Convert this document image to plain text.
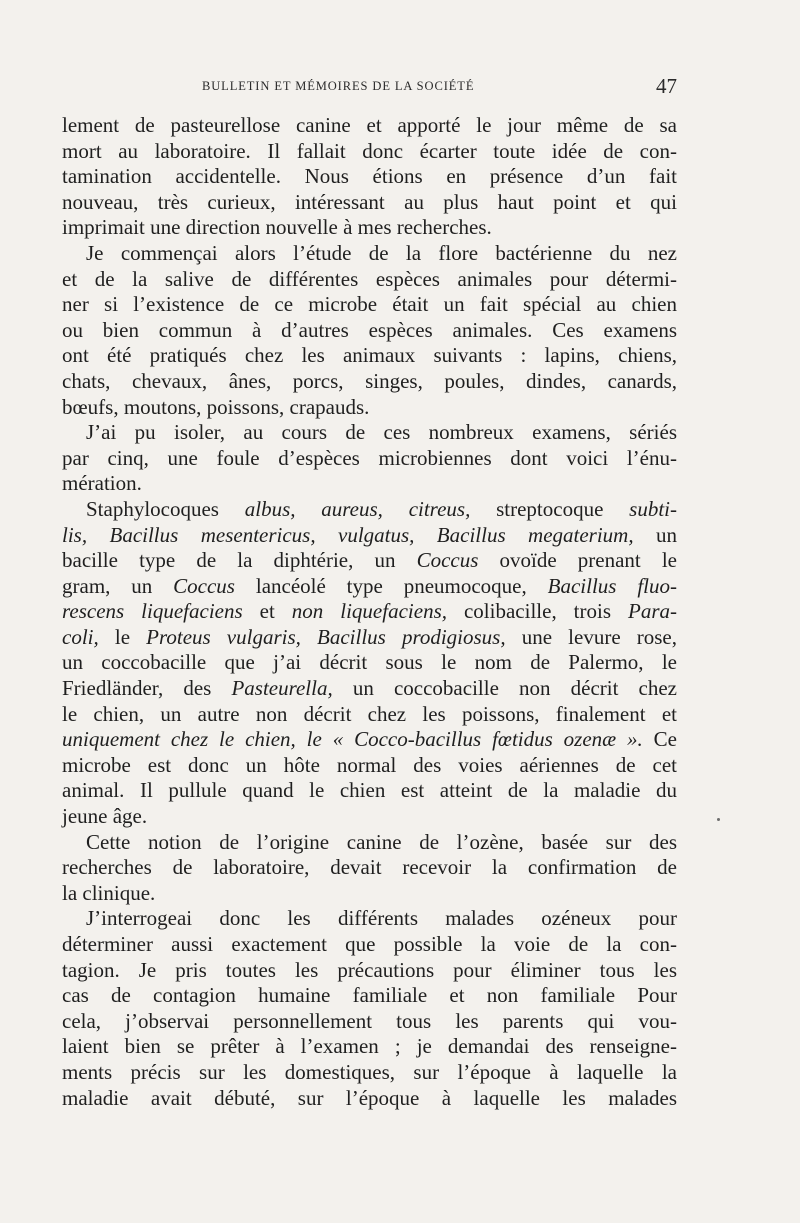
BULLETIN ET MÉMOIRES DE LA SOCIÉTÉ	47
lement de pasteurellose canine et apporté le jour même de sa
mort au laboratoire. Il fallait donc écarter toute idée de con-
tamination accidentelle. Nous étions en présence d’un fait
nouveau, très curieux, intéressant au plus haut point et qui
imprimait une direction nouvelle à mes recherches.
Je commençai alors l’étude de la flore bactérienne du nez
et de la salive de différentes espèces animales pour détermi-
ner si l’existence de ce microbe était un fait spécial au chien
ou bien commun à d’autres espèces animales. Ces examens
ont été pratiqués chez les animaux suivants : lapins, chiens,
chats, chevaux, ânes, porcs, singes, poules, dindes, canards,
bœufs, moutons, poissons, crapauds.
J’ai pu isoler, au cours de ces nombreux examens, sériés
par cinq, une foule d’espèces microbiennes dont voici l’énu-
mération.
Staphylocoques albus, aureus, citreus, streptocoque subti-
lis, Bacillus mesentericus, vulgatus, Bacillus megaterium, un
bacille type de la diphtérie, un Coccus ovoïde prenant le
gram, un Coccus lancéolé type pneumocoque, Bacillus fluo-
rescens liquefaciens et non liquefaciens, colibacille, trois Para-
coli, le Proteus vulgaris, Bacillus prodigiosus, une levure rose,
un coccobacille que j’ai décrit sous le nom de Palermo, le
Friedländer, des Pasteurella, un coccobacille non décrit chez
le chien, un autre non décrit chez les poissons, finalement et
uniquement chez le chien, le « Cocco-bacillus fœtidus ozenæ ». Ce
microbe est donc un hôte normal des voies aériennes de cet
animal. Il pullule quand le chien est atteint de la maladie du
jeune âge.
Cette notion de l’origine canine de l’ozène, basée sur des
recherches de laboratoire, devait recevoir la confirmation de
la clinique.
J’interrogeai donc les différents malades ozéneux pour
déterminer aussi exactement que possible la voie de la con-
tagion. Je pris toutes les précautions pour éliminer tous les
cas de contagion humaine familiale et non familiale Pour
cela, j’observai personnellement tous les parents qui vou-
laient bien se prêter à l’examen ; je demandai des renseigne-
ments précis sur les domestiques, sur l’époque à laquelle la
maladie avait débuté, sur l’époque à laquelle les malades
